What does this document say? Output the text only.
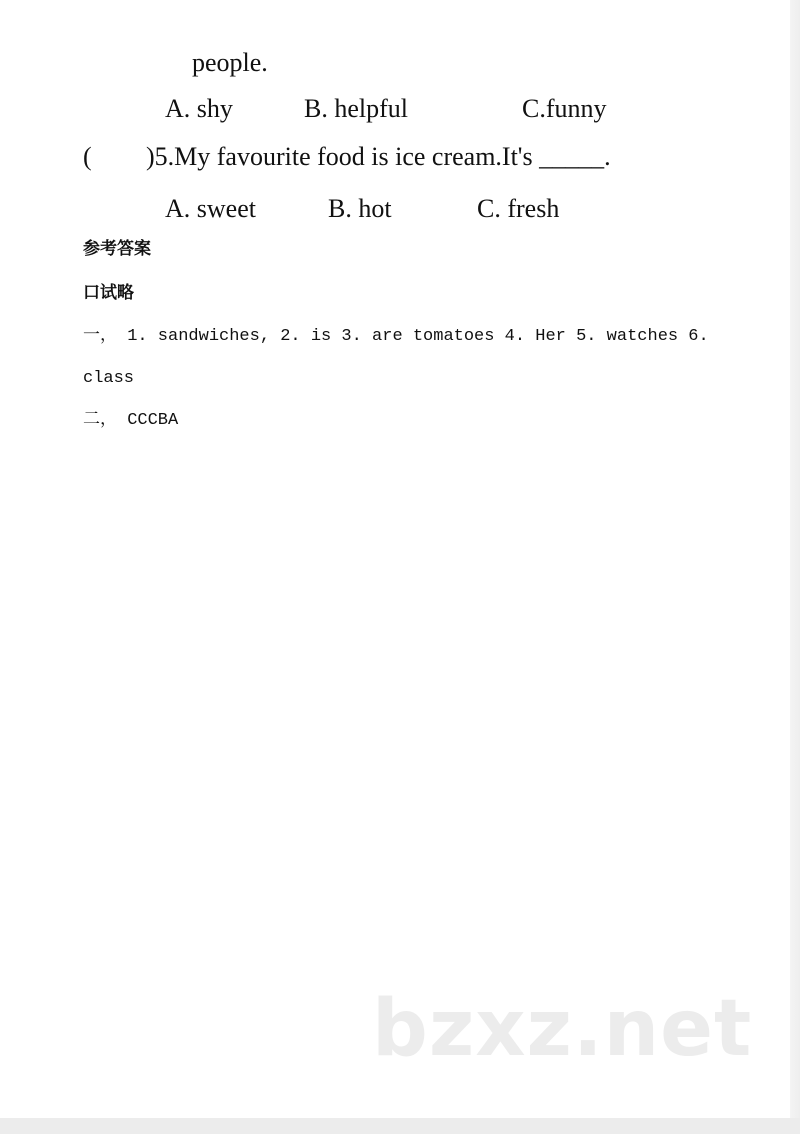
people.
A. shy	B. helpful	C.funny
( )5.My favourite food is ice cream.It's _____.
A. sweet	B. hot	C. fresh
参考答案
口试略
一， 1. sandwiches, 2. is 3. are tomatoes 4. Her 5. watches 6.
class
二， CCCBA
bzxz.net
